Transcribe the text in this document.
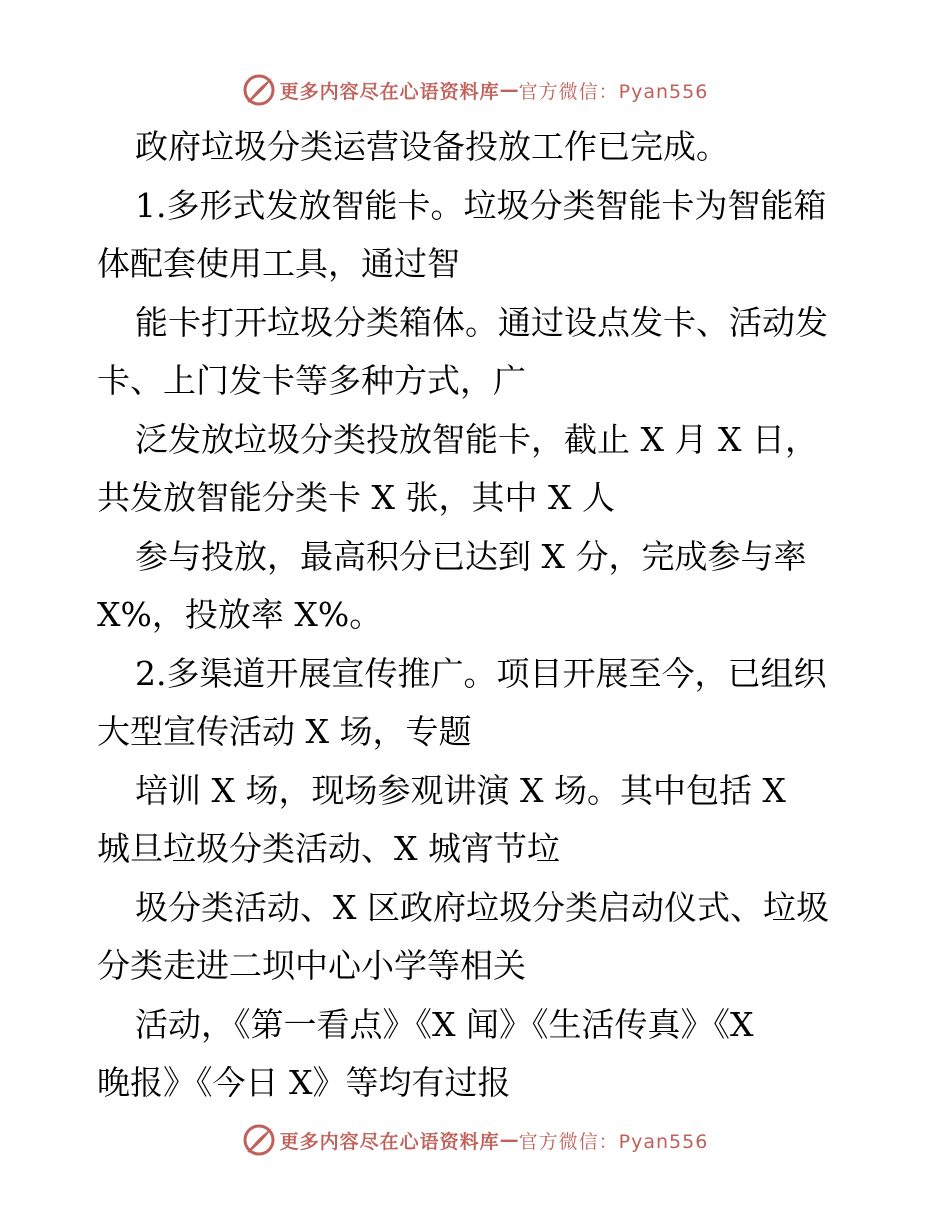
更多内容尽在心语资料库 — 官方微信：Pyan556
政府垃圾分类运营设备投放工作已完成。
1.多形式发放智能卡。垃圾分类智能卡为智能箱
体配套使用工具，通过智
能卡打开垃圾分类箱体。通过设点发卡、活动发
卡、上门发卡等多种方式，广
泛发放垃圾分类投放智能卡，截止 X 月 X 日，
共发放智能分类卡 X 张，其中 X 人
参与投放，最高积分已达到 X 分，完成参与率
X%，投放率 X%。
2.多渠道开展宣传推广。项目开展至今，已组织
大型宣传活动 X 场，专题
培训 X 场，现场参观讲演 X 场。其中包括 X
城旦垃圾分类活动、X 城宵节垃
圾分类活动、X 区政府垃圾分类启动仪式、垃圾
分类走进二坝中心小学等相关
活动，《第一看点》《X 闻》《生活传真》《X
晚报》《今日 X》等均有过报
更多内容尽在心语资料库 — 官方微信：Pyan556
